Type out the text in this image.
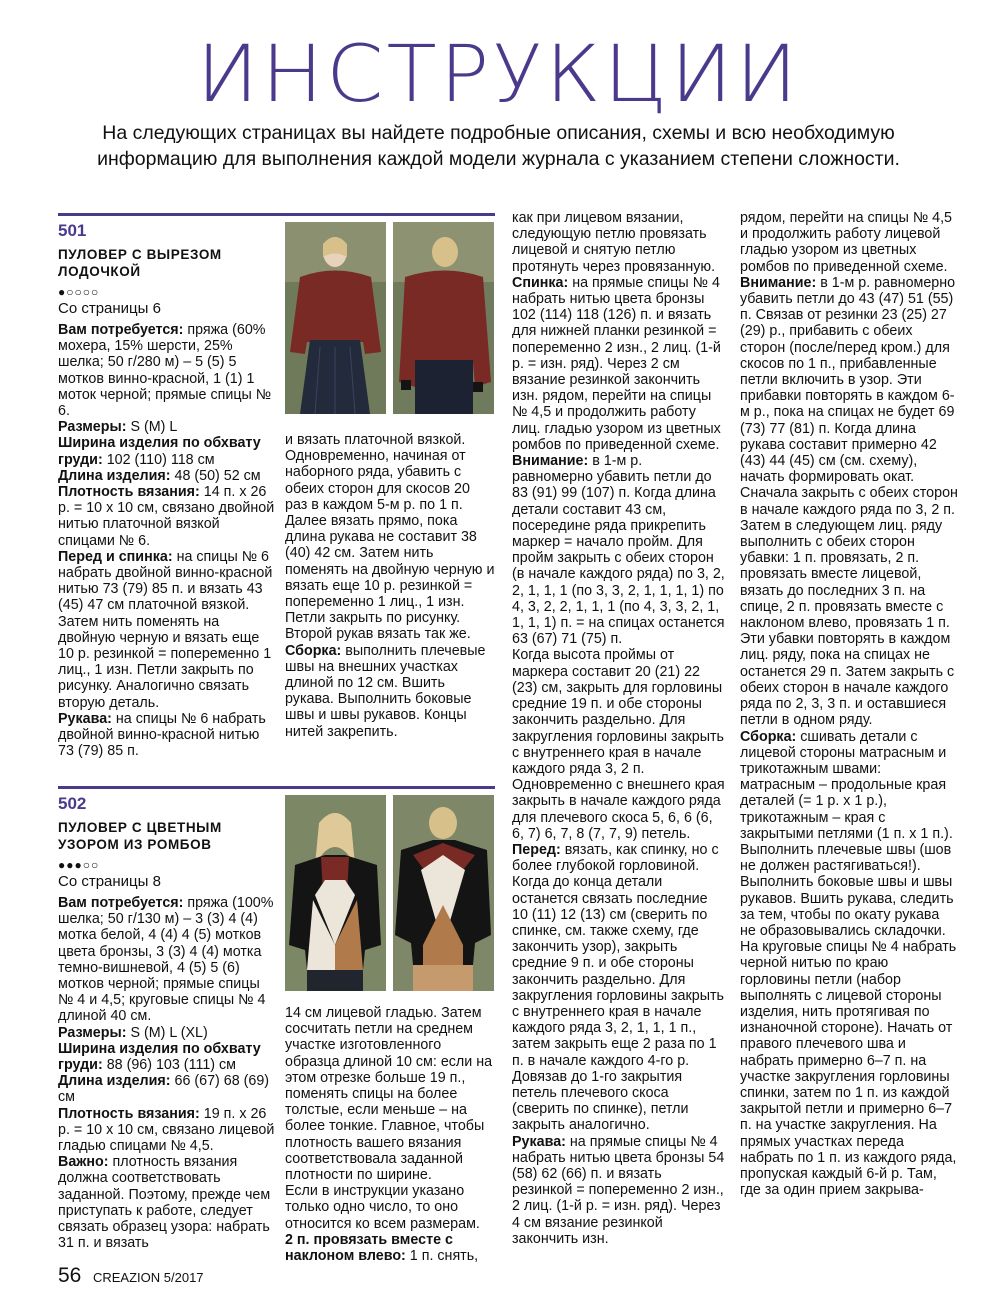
ИНСТРУКЦИИ
На следующих страницах вы найдете подробные описания, схемы и всю необходимую информацию для выполнения каждой модели журнала с указанием степени сложности.
501
ПУЛОВЕР С ВЫРЕЗОМ ЛОДОЧКОЙ
●○○○○
Со страницы 6

Вам потребуется: пряжа (60% мохера, 15% шерсти, 25% шелка; 50 г/280 м) – 5 (5) 5 мотков винно-красной, 1 (1) 1 моток черной; прямые спицы № 6.

Размеры: S (M) L

Ширина изделия по обхвату груди: 102 (110) 118 см

Длина изделия: 48 (50) 52 см

Плотность вязания: 14 п. х 26 р. = 10 х 10 см, связано двойной нитью платочной вязкой спицами № 6.

Перед и спинка: на спицы № 6 набрать двойной винно-красной нитью 73 (79) 85 п. и вязать 43 (45) 47 см платочной вязкой. Затем нить поменять на двойную черную и вязать еще 10 р. резинкой = попеременно 1 лиц., 1 изн. Петли закрыть по рисунку. Аналогично связать вторую деталь.

Рукава: на спицы № 6 набрать двойной винно-красной нитью 73 (79) 85 п.

и вязать платочной вязкой. Одновременно, начиная от наборного ряда, убавить с обеих сторон для скосов 20 раз в каждом 5-м р. по 1 п.

Далее вязать прямо, пока длина рукава не составит 38 (40) 42 см. Затем нить поменять на двойную черную и вязать еще 10 р. резинкой = попеременно 1 лиц., 1 изн. Петли закрыть по рисунку. Второй рукав вязать так же.

Сборка: выполнить плечевые швы на внешних участках длиной по 12 см. Вшить рукава. Выполнить боковые швы и швы рукавов. Концы нитей закрепить.

502
ПУЛОВЕР С ЦВЕТНЫМ УЗОРОМ ИЗ РОМБОВ
●●●○○
Со страницы 8

Вам потребуется: пряжа (100% шелка; 50 г/130 м) – 3 (3) 4 (4) мотка белой, 4 (4) 4 (5) мотков цвета бронзы, 3 (3) 4 (4) мотка темно-вишневой, 4 (5) 5 (6) мотков черной; прямые спицы № 4 и 4,5; круговые спицы № 4 длиной 40 см.

Размеры: S (M) L (XL)

Ширина изделия по обхвату груди: 88 (96) 103 (111) см

Длина изделия: 66 (67) 68 (69) см

Плотность вязания: 19 п. х 26 р. = 10 х 10 см, связано лицевой гладью спицами № 4,5.

Важно: плотность вязания должна соответствовать заданной. Поэтому, прежде чем приступать к работе, следует связать образец узора: набрать 31 п. и вязать

14 см лицевой гладью. Затем сосчитать петли на среднем участке изготовленного образца длиной 10 см: если на этом отрезке больше 19 п., поменять спицы на более толстые, если меньше – на более тонкие. Главное, чтобы плотность вашего вязания соответствовала заданной плотности по ширине.

Если в инструкции указано только одно число, то оно относится ко всем размерам.

2 п. провязать вместе с наклоном влево: 1 п. снять,

как при лицевом вязании, следующую петлю провязать лицевой и снятую петлю протянуть через провязанную.

Спинка: на прямые спицы № 4 набрать нитью цвета бронзы 102 (114) 118 (126) п. и вязать для нижней планки резинкой = попеременно 2 изн., 2 лиц. (1-й р. = изн. ряд). Через 2 см вязание резинкой закончить изн. рядом, перейти на спицы № 4,5 и продолжить работу лиц. гладью узором из цветных ромбов по приведенной схеме.

Внимание: в 1-м р. равномерно убавить петли до 83 (91) 99 (107) п. Когда длина детали составит 43 см, посередине ряда прикрепить маркер = начало пройм. Для пройм закрыть с обеих сторон (в начале каждого ряда) по 3, 2, 2, 1, 1, 1 (по 3, 3, 2, 1, 1, 1, 1) по 4, 3, 2, 2, 1, 1, 1 (по 4, 3, 3, 2, 1, 1, 1, 1) п. = на спицах останется 63 (67) 71 (75) п.

Когда высота проймы от маркера составит 20 (21) 22 (23) см, закрыть для горловины средние 19 п. и обе стороны закончить раздельно. Для закругления горловины закрыть с внутреннего края в начале каждого ряда 3, 2 п. Одновременно с внешнего края закрыть в начале каждого ряда для плечевого скоса 5, 6, 6 (6, 6, 7) 6, 7, 8 (7, 7, 9) петель.

Перед: вязать, как спинку, но с более глубокой горловиной. Когда до конца детали останется связать последние 10 (11) 12 (13) см (сверить по спинке, см. также схему, где закончить узор), закрыть средние 9 п. и обе стороны закончить раздельно. Для закругления горловины закрыть с внутреннего края в начале каждого ряда 3, 2, 1, 1, 1 п., затем закрыть еще 2 раза по 1 п. в начале каждого 4-го р. Довязав до 1-го закрытия петель плечевого скоса (сверить по спинке), петли закрыть аналогично.

Рукава: на прямые спицы № 4 набрать нитью цвета бронзы 54 (58) 62 (66) п. и вязать резинкой = попеременно 2 изн., 2 лиц. (1-й р. = изн. ряд). Через 4 см вязание резинкой закончить изн.

рядом, перейти на спицы № 4,5 и продолжить работу лицевой гладью узором из цветных ромбов по приведенной схеме.

Внимание: в 1-м р. равномерно убавить петли до 43 (47) 51 (55) п. Связав от резинки 23 (25) 27 (29) р., прибавить с обеих сторон (после/перед кром.) для скосов по 1 п., прибавленные петли включить в узор. Эти прибавки повторять в каждом 6-м р., пока на спицах не будет 69 (73) 77 (81) п. Когда длина рукава составит примерно 42 (43) 44 (45) см (см. схему), начать формировать окат. Сначала закрыть с обеих сторон в начале каждого ряда по 3, 2 п. Затем в следующем лиц. ряду выполнить с обеих сторон убавки: 1 п. провязать, 2 п. провязать вместе лицевой, вязать до последних 3 п. на спице, 2 п. провязать вместе с наклоном влево, провязать 1 п. Эти убавки повторять в каждом лиц. ряду, пока на спицах не останется 29 п. Затем закрыть с обеих сторон в начале каждого ряда по 2, 3, 3 п. и оставшиеся петли в одном ряду.

Сборка: сшивать детали с лицевой стороны матрасным и трикотажным швами: матрасным – продольные края деталей (= 1 р. х 1 р.), трикотажным – края с закрытыми петлями (1 п. х 1 п.). Выполнить плечевые швы (шов не должен растягиваться!). Выполнить боковые швы и швы рукавов. Вшить рукава, следить за тем, чтобы по окату рукава не образовывались складочки. На круговые спицы № 4 набрать черной нитью по краю горловины петли (набор выполнять с лицевой стороны изделия, нить протягивая по изнаночной стороне). Начать от правого плечевого шва и набрать примерно 6–7 п. на участке закругления горловины спинки, затем по 1 п. из каждой закрытой петли и примерно 6–7 п. на участке закругления. На прямых участках переда набрать по 1 п. из каждого ряда, пропуская каждый 6-й р. Там, где за один прием закрыва-

56 CREAZION 5/2017
